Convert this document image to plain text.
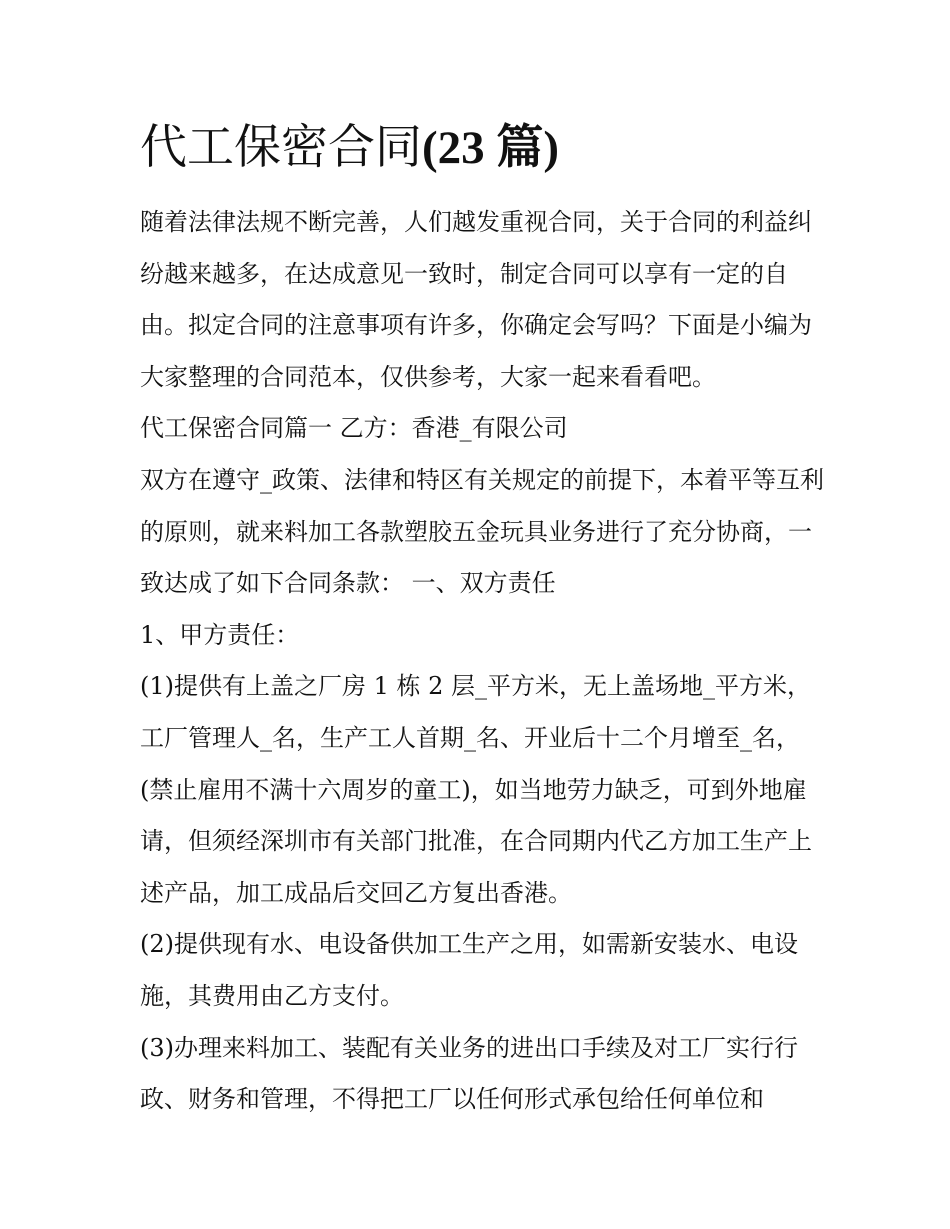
代工保密合同(23 篇)

随着法律法规不断完善，人们越发重视合同，关于合同的利益纠纷越来越多，在达成意见一致时，制定合同可以享有一定的自由。拟定合同的注意事项有许多，你确定会写吗？下面是小编为大家整理的合同范本，仅供参考，大家一起来看看吧。

代工保密合同篇一 乙方：香港_有限公司

双方在遵守_政策、法律和特区有关规定的前提下，本着平等互利的原则，就来料加工各款塑胶五金玩具业务进行了充分协商，一致达成了如下合同条款： 一、双方责任

1、甲方责任：

(1)提供有上盖之厂房 1 栋 2 层_平方米，无上盖场地_平方米，工厂管理人_名，生产工人首期_名、开业后十二个月增至_名，(禁止雇用不满十六周岁的童工)，如当地劳力缺乏，可到外地雇请，但须经深圳市有关部门批准，在合同期内代乙方加工生产上述产品，加工成品后交回乙方复出香港。

(2)提供现有水、电设备供加工生产之用，如需新安装水、电设施，其费用由乙方支付。

(3)办理来料加工、装配有关业务的进出口手续及对工厂实行行政、财务和管理，不得把工厂以任何形式承包给任何单位和
